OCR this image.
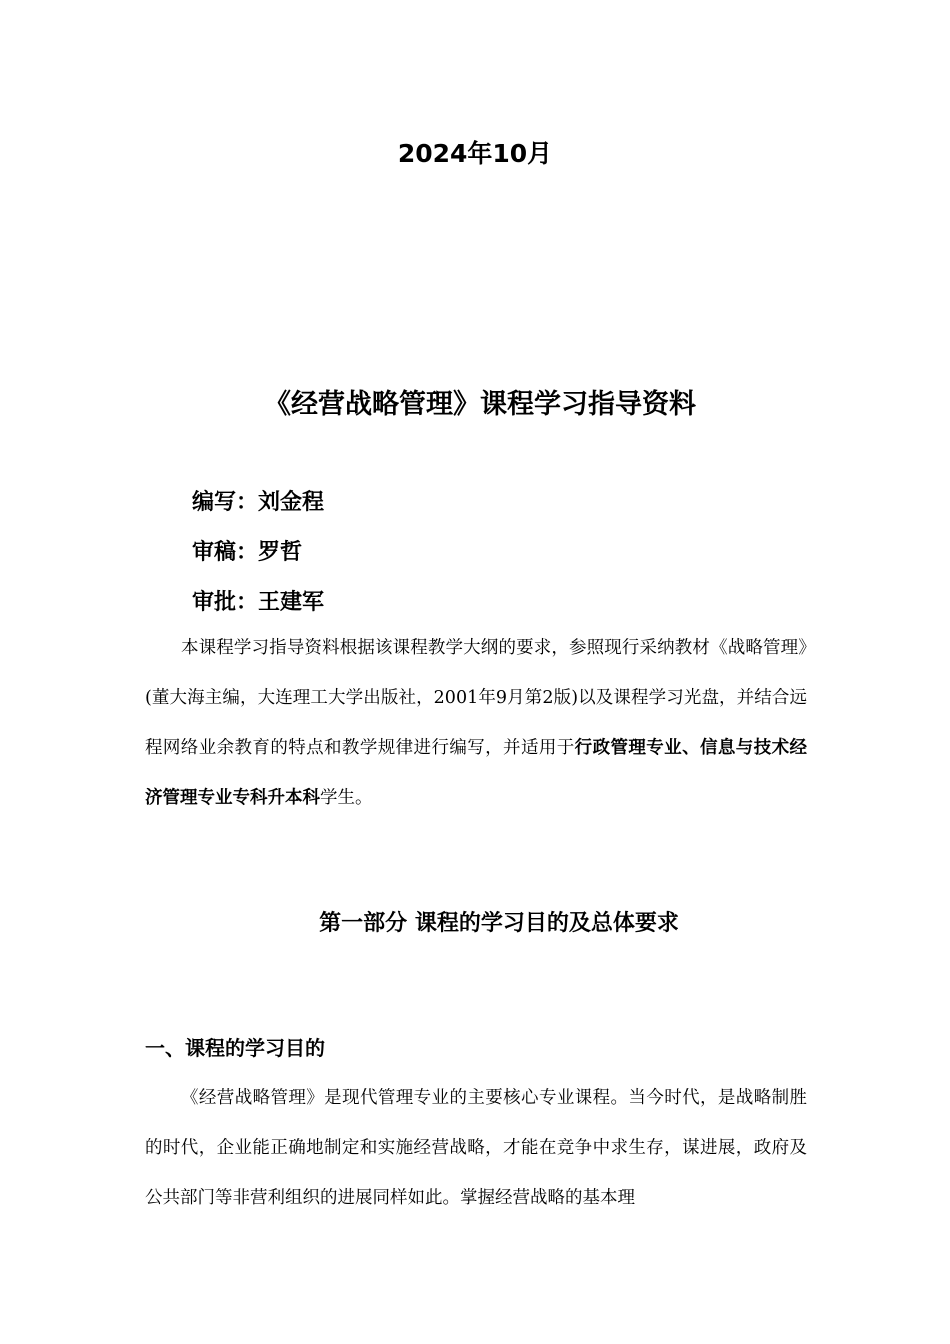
2024年10月
《经营战略管理》课程学习指导资料
编写：刘金程
审稿：罗哲
审批：王建军

本课程学习指导资料根据该课程教学大纲的要求，参照现行采纳教材《战略管理》(董大海主编，大连理工大学出版社，2001年9月第2版)以及课程学习光盘，并结合远程网络业余教育的特点和教学规律进行编写，并适用于行政管理专业、信息与技术经济管理专业专科升本科学生。

第一部分 课程的学习目的及总体要求
一、课程的学习目的

《经营战略管理》是现代管理专业的主要核心专业课程。当今时代，是战略制胜的时代，企业能正确地制定和实施经营战略，才能在竞争中求生存，谋进展，政府及公共部门等非营利组织的进展同样如此。掌握经营战略的基本理
